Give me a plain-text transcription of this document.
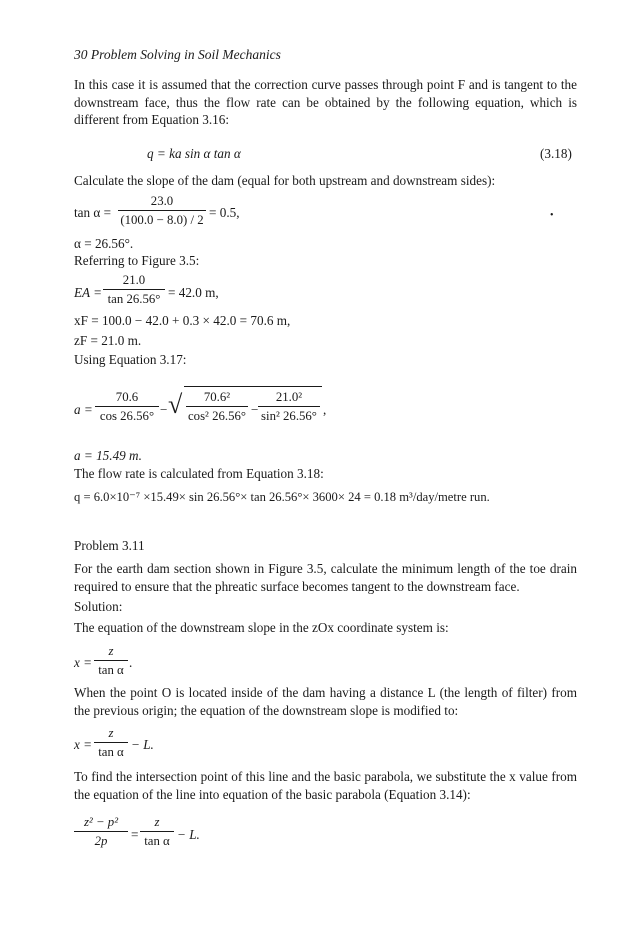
30 Problem Solving in Soil Mechanics
In this case it is assumed that the correction curve passes through point F and is tangent to the downstream face, thus the flow rate can be obtained by the following equation, which is different from Equation 3.16:
q = ka sin α tan α	(3.18)
Calculate the slope of the dam (equal for both upstream and downstream sides):
$\tan \alpha = \frac{23.0}{(100.0 - 8.0) / 2} = 0.5$,	•
α = 26.56°.
Referring to Figure 3.5:
EA = $\frac{21.0}{\tan 26.56^\circ} = 42.0$ m,
xF = 100.0 − 42.0 + 0.3 × 42.0 = 70.6 m,
zF = 21.0 m.
Using Equation 3.17:
$a = \frac{70.6}{\cos 26.56^\circ}$ − √ $\frac{\text{70.6²}}{\text{cos² 26.56°}} - \frac{\text{21.0²}}{\text{sin² 26.56°}}$ ,
a = 15.49 m.
The flow rate is calculated from Equation 3.18:
q = 6.0×10⁻⁷ ×15.49× sin 26.56°× tan 26.56°× 3600× 24 = 0.18 m³/day/metre run.
Problem 3.11
For the earth dam section shown in Figure 3.5, calculate the minimum length of the toe drain required to ensure that the phreatic surface becomes tangent to the downstream face.
Solution:
The equation of the downstream slope in the zOx coordinate system is:
$x = \frac{z}{\text{tan α}}$ .
When the point O is located inside of the dam having a distance L (the length of filter) from the previous origin; the equation of the downstream slope is modified to:
$x = \frac{z}{\text{tan α}} - L$.
To find the intersection point of this line and the basic parabola, we substitute the x value from the equation of the line into equation of the basic parabola (Equation 3.14):
$\frac{\text{z² − p²}}{2p} = \frac{z}{\text{tan α}} - L$.
